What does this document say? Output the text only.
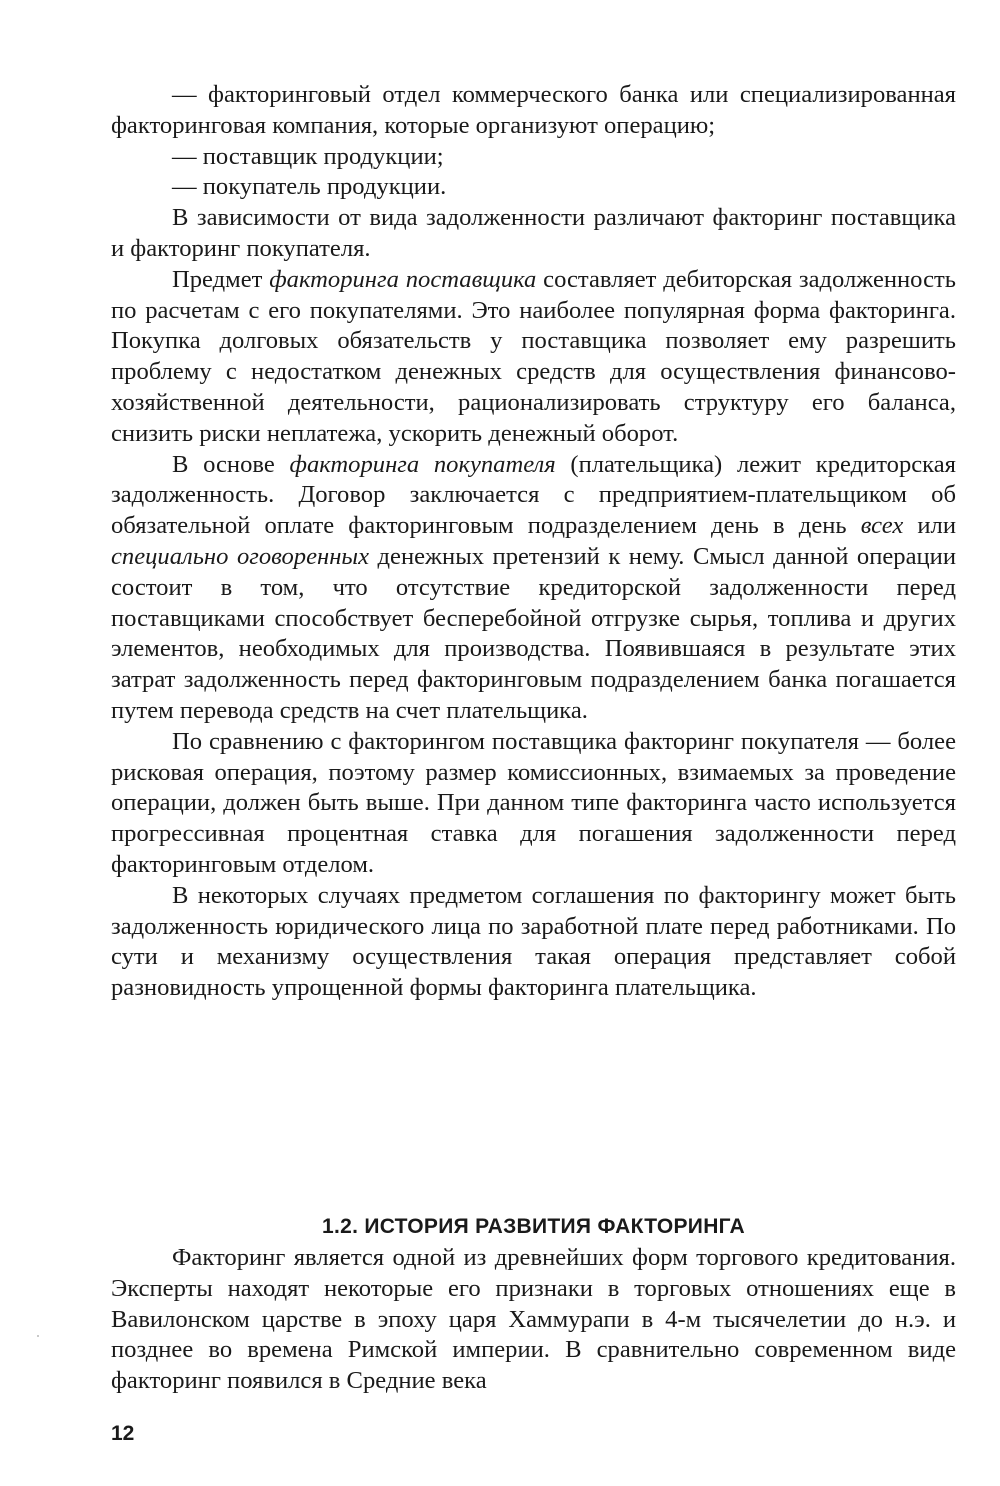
— факторинговый отдел коммерческого банка или специализированная факторинговая компания, которые организуют операцию;

— поставщик продукции;

— покупатель продукции.

В зависимости от вида задолженности различают факторинг поставщика и факторинг покупателя.

Предмет факторинга поставщика составляет дебиторская задолженность по расчетам с его покупателями. Это наиболее популярная форма факторинга. Покупка долговых обязательств у поставщика позволяет ему разрешить проблему с недостатком денежных средств для осуществления финансово-хозяйственной деятельности, рационализировать структуру его баланса, снизить риски неплатежа, ускорить денежный оборот.

В основе факторинга покупателя (плательщика) лежит кредиторская задолженность. Договор заключается с предприятием-плательщиком об обязательной оплате факторинговым подразделением день в день всех или специально оговоренных денежных претензий к нему. Смысл данной операции состоит в том, что отсутствие кредиторской задолженности перед поставщиками способствует бесперебойной отгрузке сырья, топлива и других элементов, необходимых для производства. Появившаяся в результате этих затрат задолженность перед факторинговым подразделением банка погашается путем перевода средств на счет плательщика.

По сравнению с факторингом поставщика факторинг покупателя — более рисковая операция, поэтому размер комиссионных, взимаемых за проведение операции, должен быть выше. При данном типе факторинга часто используется прогрессивная процентная ставка для погашения задолженности перед факторинговым отделом.

В некоторых случаях предметом соглашения по факторингу может быть задолженность юридического лица по заработной плате перед работниками. По сути и механизму осуществления такая операция представляет собой разновидность упрощенной формы факторинга плательщика.

1.2. ИСТОРИЯ РАЗВИТИЯ ФАКТОРИНГА

Факторинг является одной из древнейших форм торгового кредитования. Эксперты находят некоторые его признаки в торговых отношениях еще в Вавилонском царстве в эпоху царя Хаммурапи в 4-м тысячелетии до н.э. и позднее во времена Римской империи. В сравнительно современном виде факторинг появился в Средние века

12
